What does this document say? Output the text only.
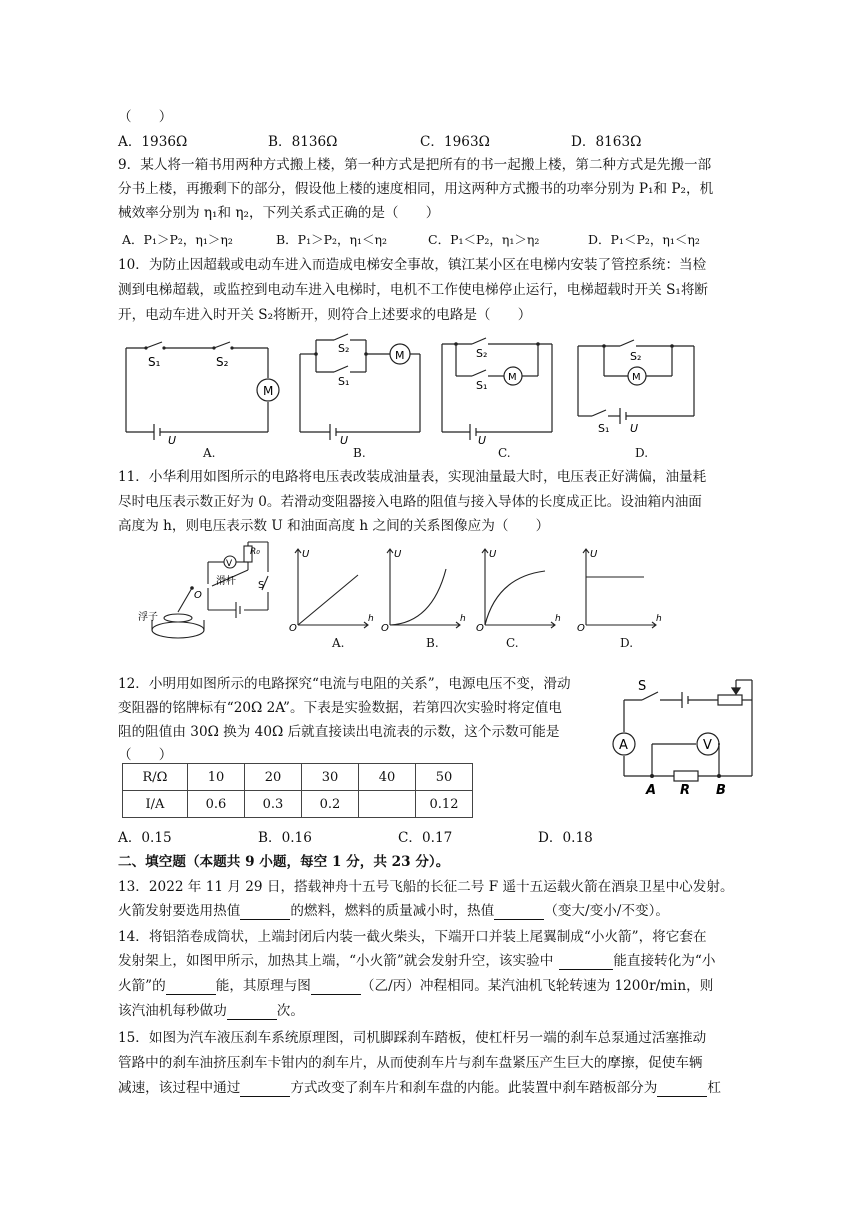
（　　）
A．1936Ω	B．8136Ω	C．1963Ω	D．8163Ω
9．某人将一箱书用两种方式搬上楼，第一种方式是把所有的书一起搬上楼，第二种方式是先搬一部
分书上楼，再搬剩下的部分，假设他上楼的速度相同，用这两种方式搬书的功率分别为 P₁和 P₂，机
械效率分别为 η₁和 η₂，下列关系式正确的是（　　）
A．P₁＞P₂，η₁＞η₂	B．P₁＞P₂，η₁＜η₂	C．P₁＜P₂，η₁＞η₂	D．P₁＜P₂，η₁＜η₂
10．为防止因超载或电动车进入而造成电梯安全事故，镇江某小区在电梯内安装了管控系统：当检
测到电梯超载，或监控到电动车进入电梯时，电机不工作使电梯停止运行，电梯超载时开关 S₁将断
开，电动车进入时开关 S₂将断开，则符合上述要求的电路是（　　）
S₁	S₂
M
U
A.
S₂
S₁
M
U
B.
S₂
S₁
M
U
C.
S₂
M
S₁ U
D.
11．小华利用如图所示的电路将电压表改装成油量表，实现油量最大时，电压表正好满偏，油量耗
尽时电压表示数正好为 0。若滑动变阻器接入电路的阻值与接入导体的长度成正比。设油箱内油面
高度为 h，则电压表示数 U 和油面高度 h 之间的关系图像应为（　　）
R₀
V
滑杆
O
S
浮子
U
O
h
A.
U
O
h
B.
U
O
h
C.
U
O
h
D.
12．小明用如图所示的电路探究“电流与电阻的关系”，电源电压不变，滑动
变阻器的铭牌标有“20Ω 2A”。下表是实验数据，若第四次实验时将定值电
阻的阻值由 30Ω 换为 40Ω 后就直接读出电流表的示数，这个示数可能是
（　　）
S
A	V
A R B
R/Ω	10	20	30	40	50
I/A	0.6	0.3	0.2		0.12
A．0.15	B．0.16	C．0.17	D．0.18
二、填空题（本题共 9 小题，每空 1 分，共 23 分）。
13．2022 年 11 月 29 日，搭载神舟十五号飞船的长征二号 F 遥十五运载火箭在酒泉卫星中心发射。
火箭发射要选用热值	的燃料，燃料的质量减小时，热值	（变大/变小/不变）。
14．将铝箔卷成筒状，上端封闭后内装一截火柴头，下端开口并装上尾翼制成“小火箭”，将它套在
发射架上，如图甲所示，加热其上端，“小火箭”就会发射升空，该实验中	能直接转化为“小
火箭”的	能，其原理与图	（乙/丙）冲程相同。某汽油机飞轮转速为 1200r/min，则
该汽油机每秒做功	次。
15．如图为汽车液压刹车系统原理图，司机脚踩刹车踏板，使杠杆另一端的刹车总泵通过活塞推动
管路中的刹车油挤压刹车卡钳内的刹车片，从而使刹车片与刹车盘紧压产生巨大的摩擦，促使车辆
减速，该过程中通过	方式改变了刹车片和刹车盘的内能。此装置中刹车踏板部分为	杠
